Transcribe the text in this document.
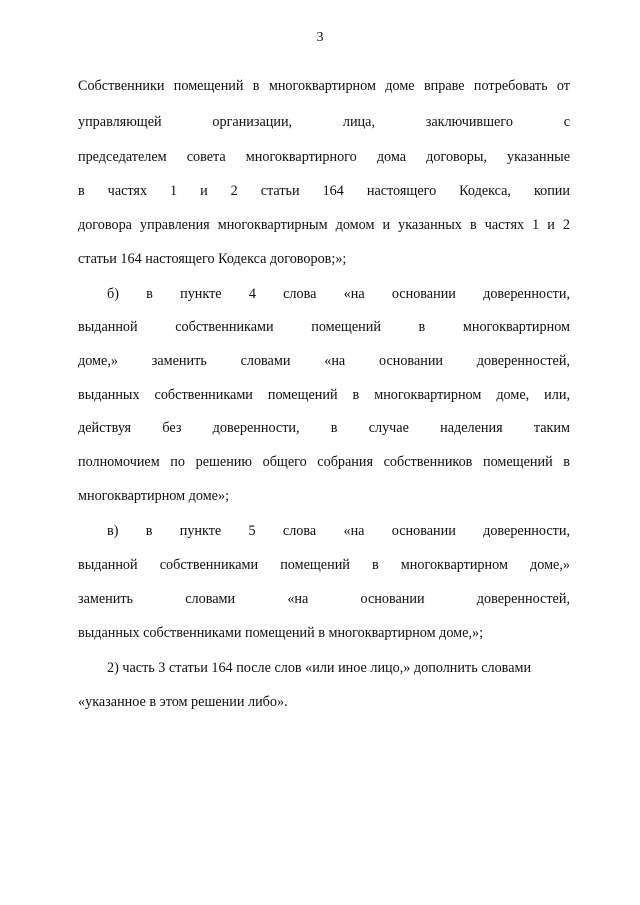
3
Собственники помещений в многоквартирном доме вправе потребовать от
управляющей организации, лица, заключившего с
председателем совета многоквартирного дома договоры, указанные
в частях 1 и 2 статьи 164 настоящего Кодекса, копии
договора управления многоквартирным домом и указанных в частях 1 и 2
статьи 164 настоящего Кодекса договоров;»;
б) в пункте 4 слова «на основании доверенности,
выданной собственниками помещений в многоквартирном
доме,» заменить словами «на основании доверенностей,
выданных собственниками помещений в многоквартирном доме, или,
действуя без доверенности, в случае наделения таким
полномочием по решению общего собрания собственников помещений в
многоквартирном доме»;
в) в пункте 5 слова «на основании доверенности,
выданной собственниками помещений в многоквартирном доме,»
заменить словами «на основании доверенностей,
выданных собственниками помещений в многоквартирном доме,»;
2) часть 3 статьи 164 после слов «или иное лицо,» дополнить словами
«указанное в этом решении либо».
